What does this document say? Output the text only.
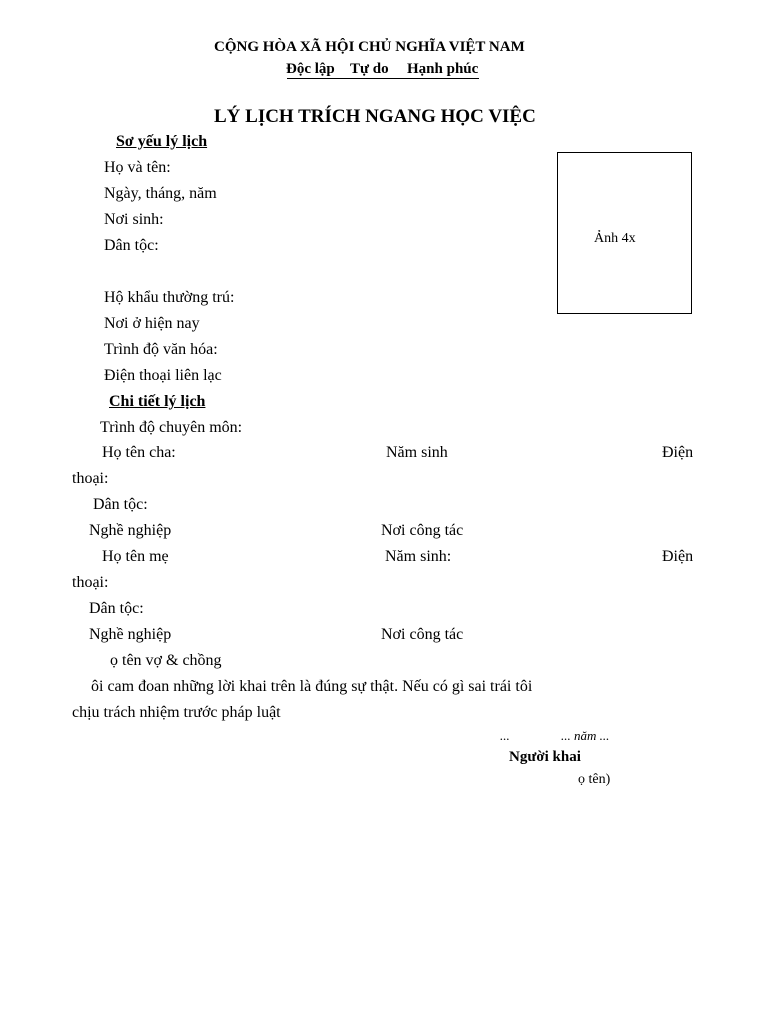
CỘNG HÒA XÃ HỘI CHỦ NGHĨA VIỆT NAM
Độc lập Tự do Hạnh phúc
LÝ LỊCH TRÍCH NGANG HỌC VIỆC
Sơ yếu lý lịch
Họ và tên:
Ngày, tháng, năm
Nơi sinh:
Dân tộc:
Hộ khẩu thường trú:
Nơi ở hiện nay
Trình độ văn hóa:
Điện thoại liên lạc
Ảnh 4x
Chi tiết lý lịch
Trình độ chuyên môn:
Họ tên cha:	Năm sinh	Điện
thoại:
Dân tộc:
Nghề nghiệp	Nơi công tác
Họ tên mẹ	Năm sinh:	Điện
thoại:
Dân tộc:
Nghề nghiệp	Nơi công tác
ọ tên vợ & chồng
ôi cam đoan những lời khai trên là đúng sự thật. Nếu có gì sai trái tôi
chịu trách nhiệm trước pháp luật
...	... năm ...
Người khai
ọ tên)
